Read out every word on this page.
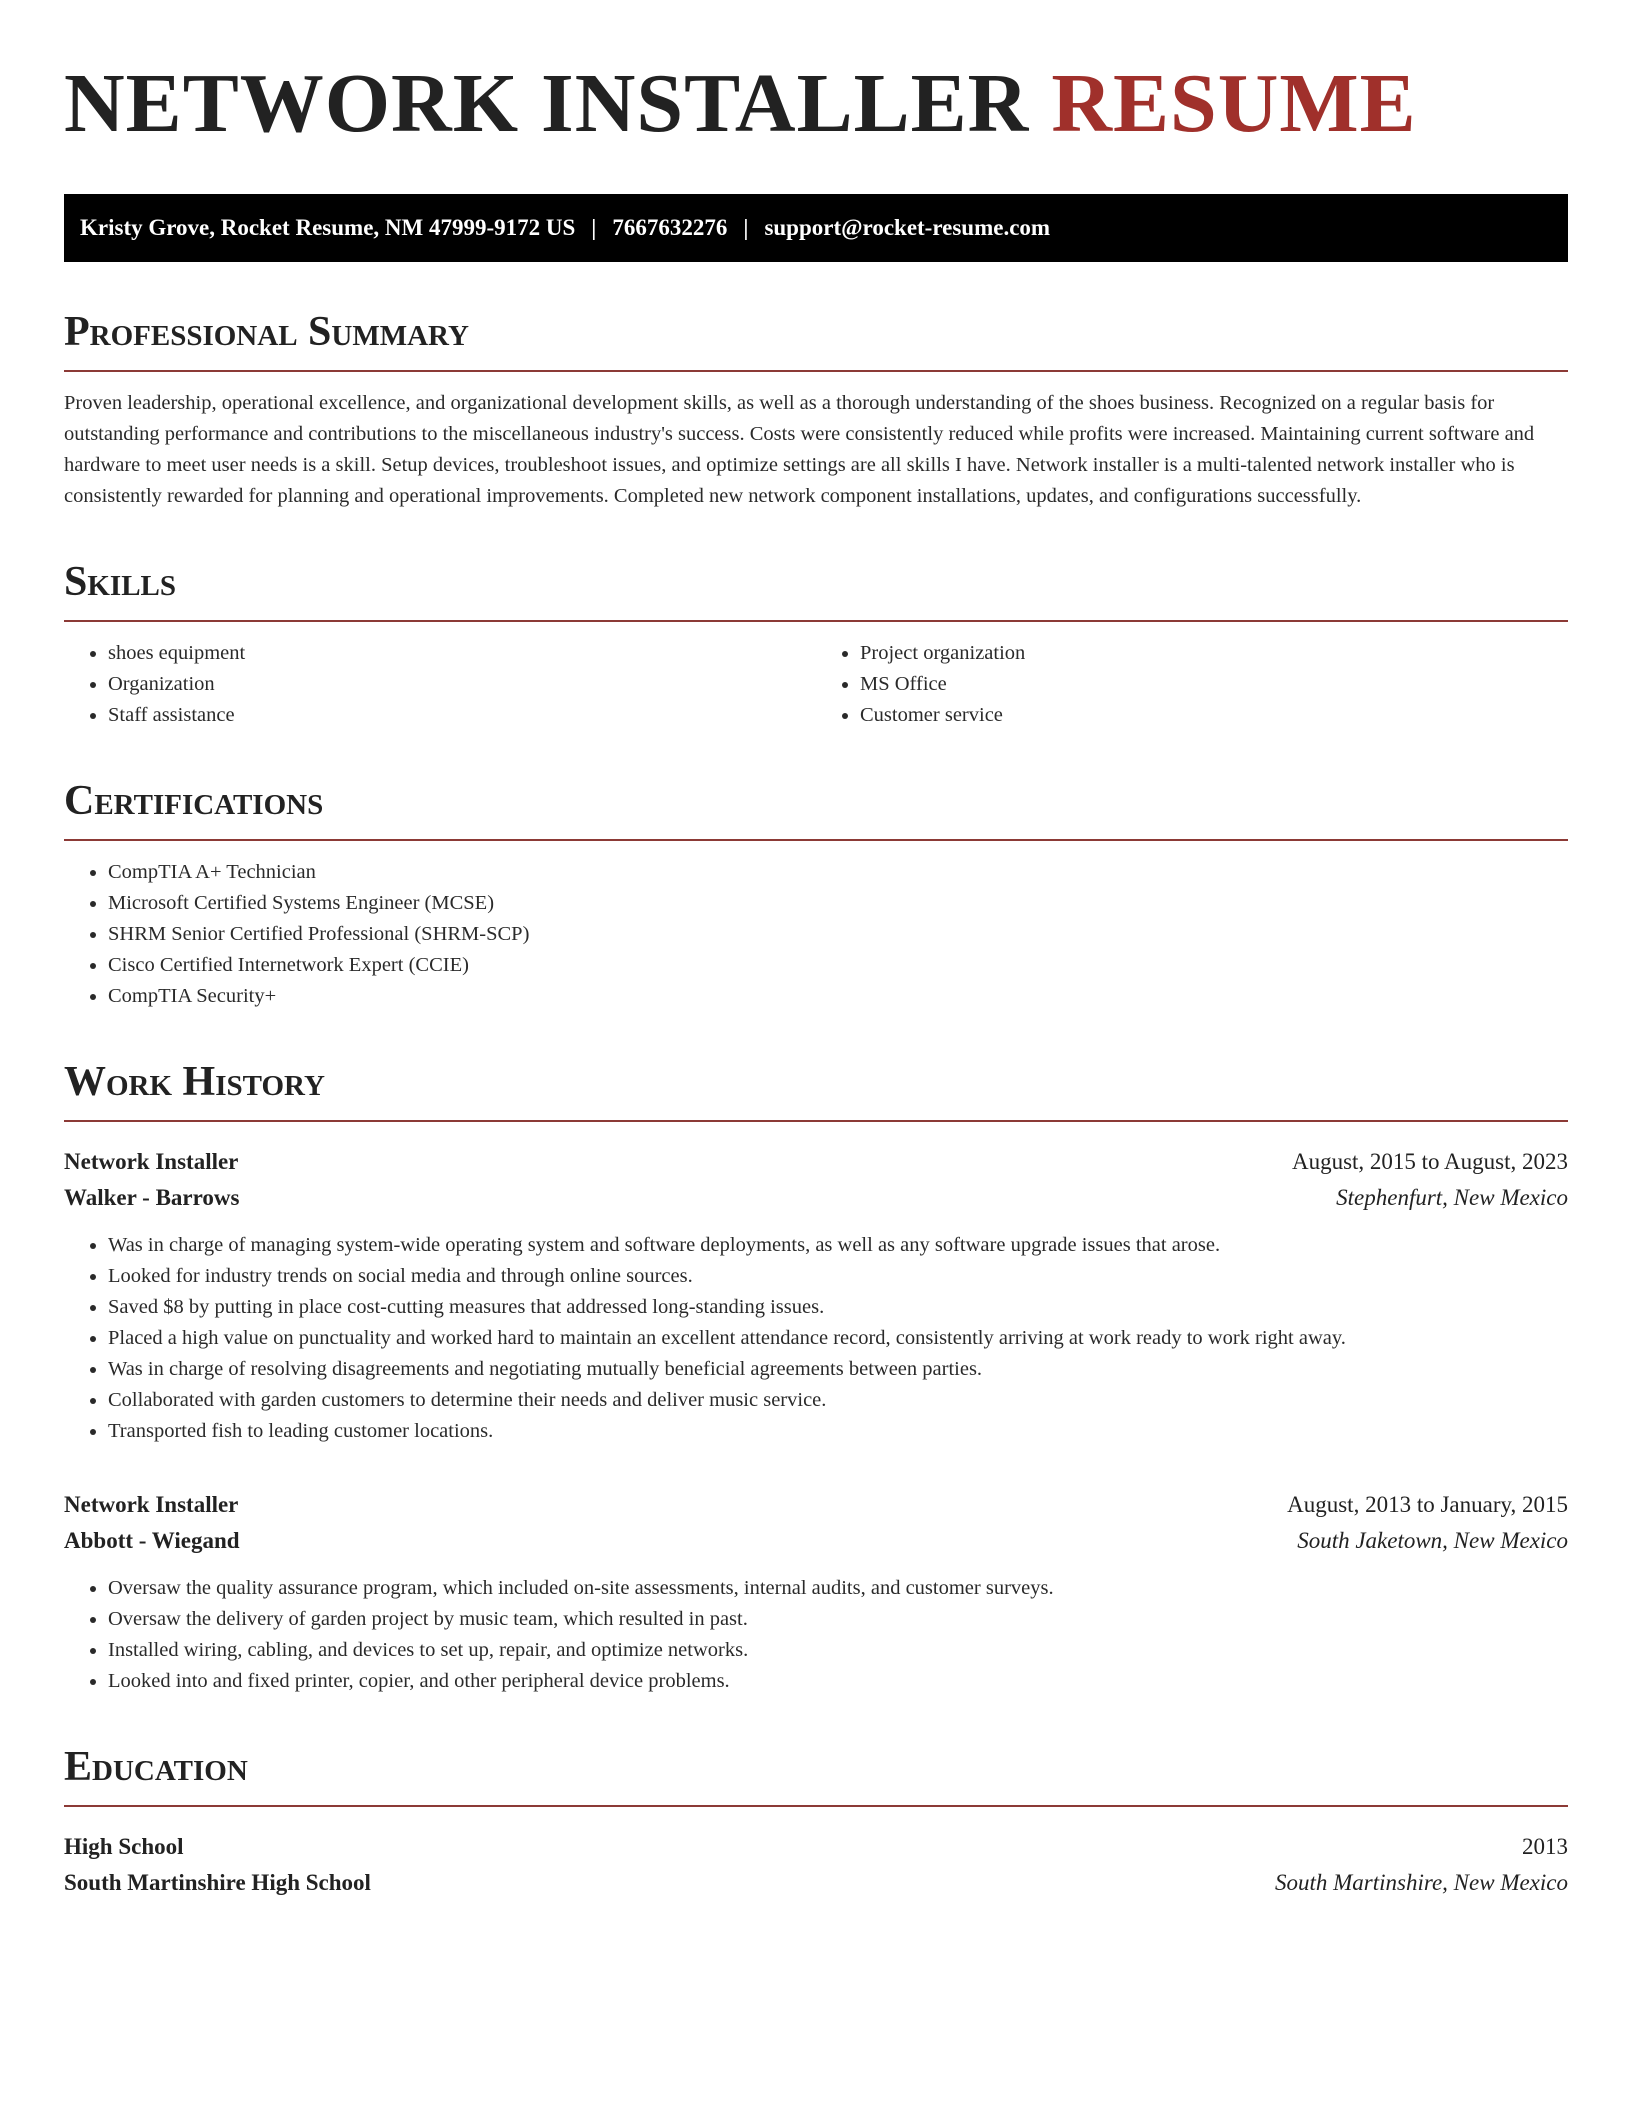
NETWORK INSTALLER RESUME
Kristy Grove, Rocket Resume, NM 47999-9172 US | 7667632276 | support@rocket-resume.com
Professional Summary

Proven leadership, operational excellence, and organizational development skills, as well as a thorough understanding of the shoes business. Recognized on a regular basis for outstanding performance and contributions to the miscellaneous industry's success. Costs were consistently reduced while profits were increased. Maintaining current software and hardware to meet user needs is a skill. Setup devices, troubleshoot issues, and optimize settings are all skills I have. Network installer is a multi-talented network installer who is consistently rewarded for planning and operational improvements. Completed new network component installations, updates, and configurations successfully.

Skills
• shoes equipment
• Organization
• Staff assistance
• Project organization
• MS Office
• Customer service
Certifications
• CompTIA A+ Technician
• Microsoft Certified Systems Engineer (MCSE)
• SHRM Senior Certified Professional (SHRM-SCP)
• Cisco Certified Internetwork Expert (CCIE)
• CompTIA Security+
Work History
Network Installer	August, 2015 to August, 2023
Walker - Barrows	Stephenfurt, New Mexico
• Was in charge of managing system-wide operating system and software deployments, as well as any software upgrade issues that arose.
• Looked for industry trends on social media and through online sources.
• Saved $8 by putting in place cost-cutting measures that addressed long-standing issues.
• Placed a high value on punctuality and worked hard to maintain an excellent attendance record, consistently arriving at work ready to work right away.
• Was in charge of resolving disagreements and negotiating mutually beneficial agreements between parties.
• Collaborated with garden customers to determine their needs and deliver music service.
• Transported fish to leading customer locations.
Network Installer	August, 2013 to January, 2015
Abbott - Wiegand	South Jaketown, New Mexico
• Oversaw the quality assurance program, which included on-site assessments, internal audits, and customer surveys.
• Oversaw the delivery of garden project by music team, which resulted in past.
• Installed wiring, cabling, and devices to set up, repair, and optimize networks.
• Looked into and fixed printer, copier, and other peripheral device problems.
Education
High School	2013
South Martinshire High School	South Martinshire, New Mexico
